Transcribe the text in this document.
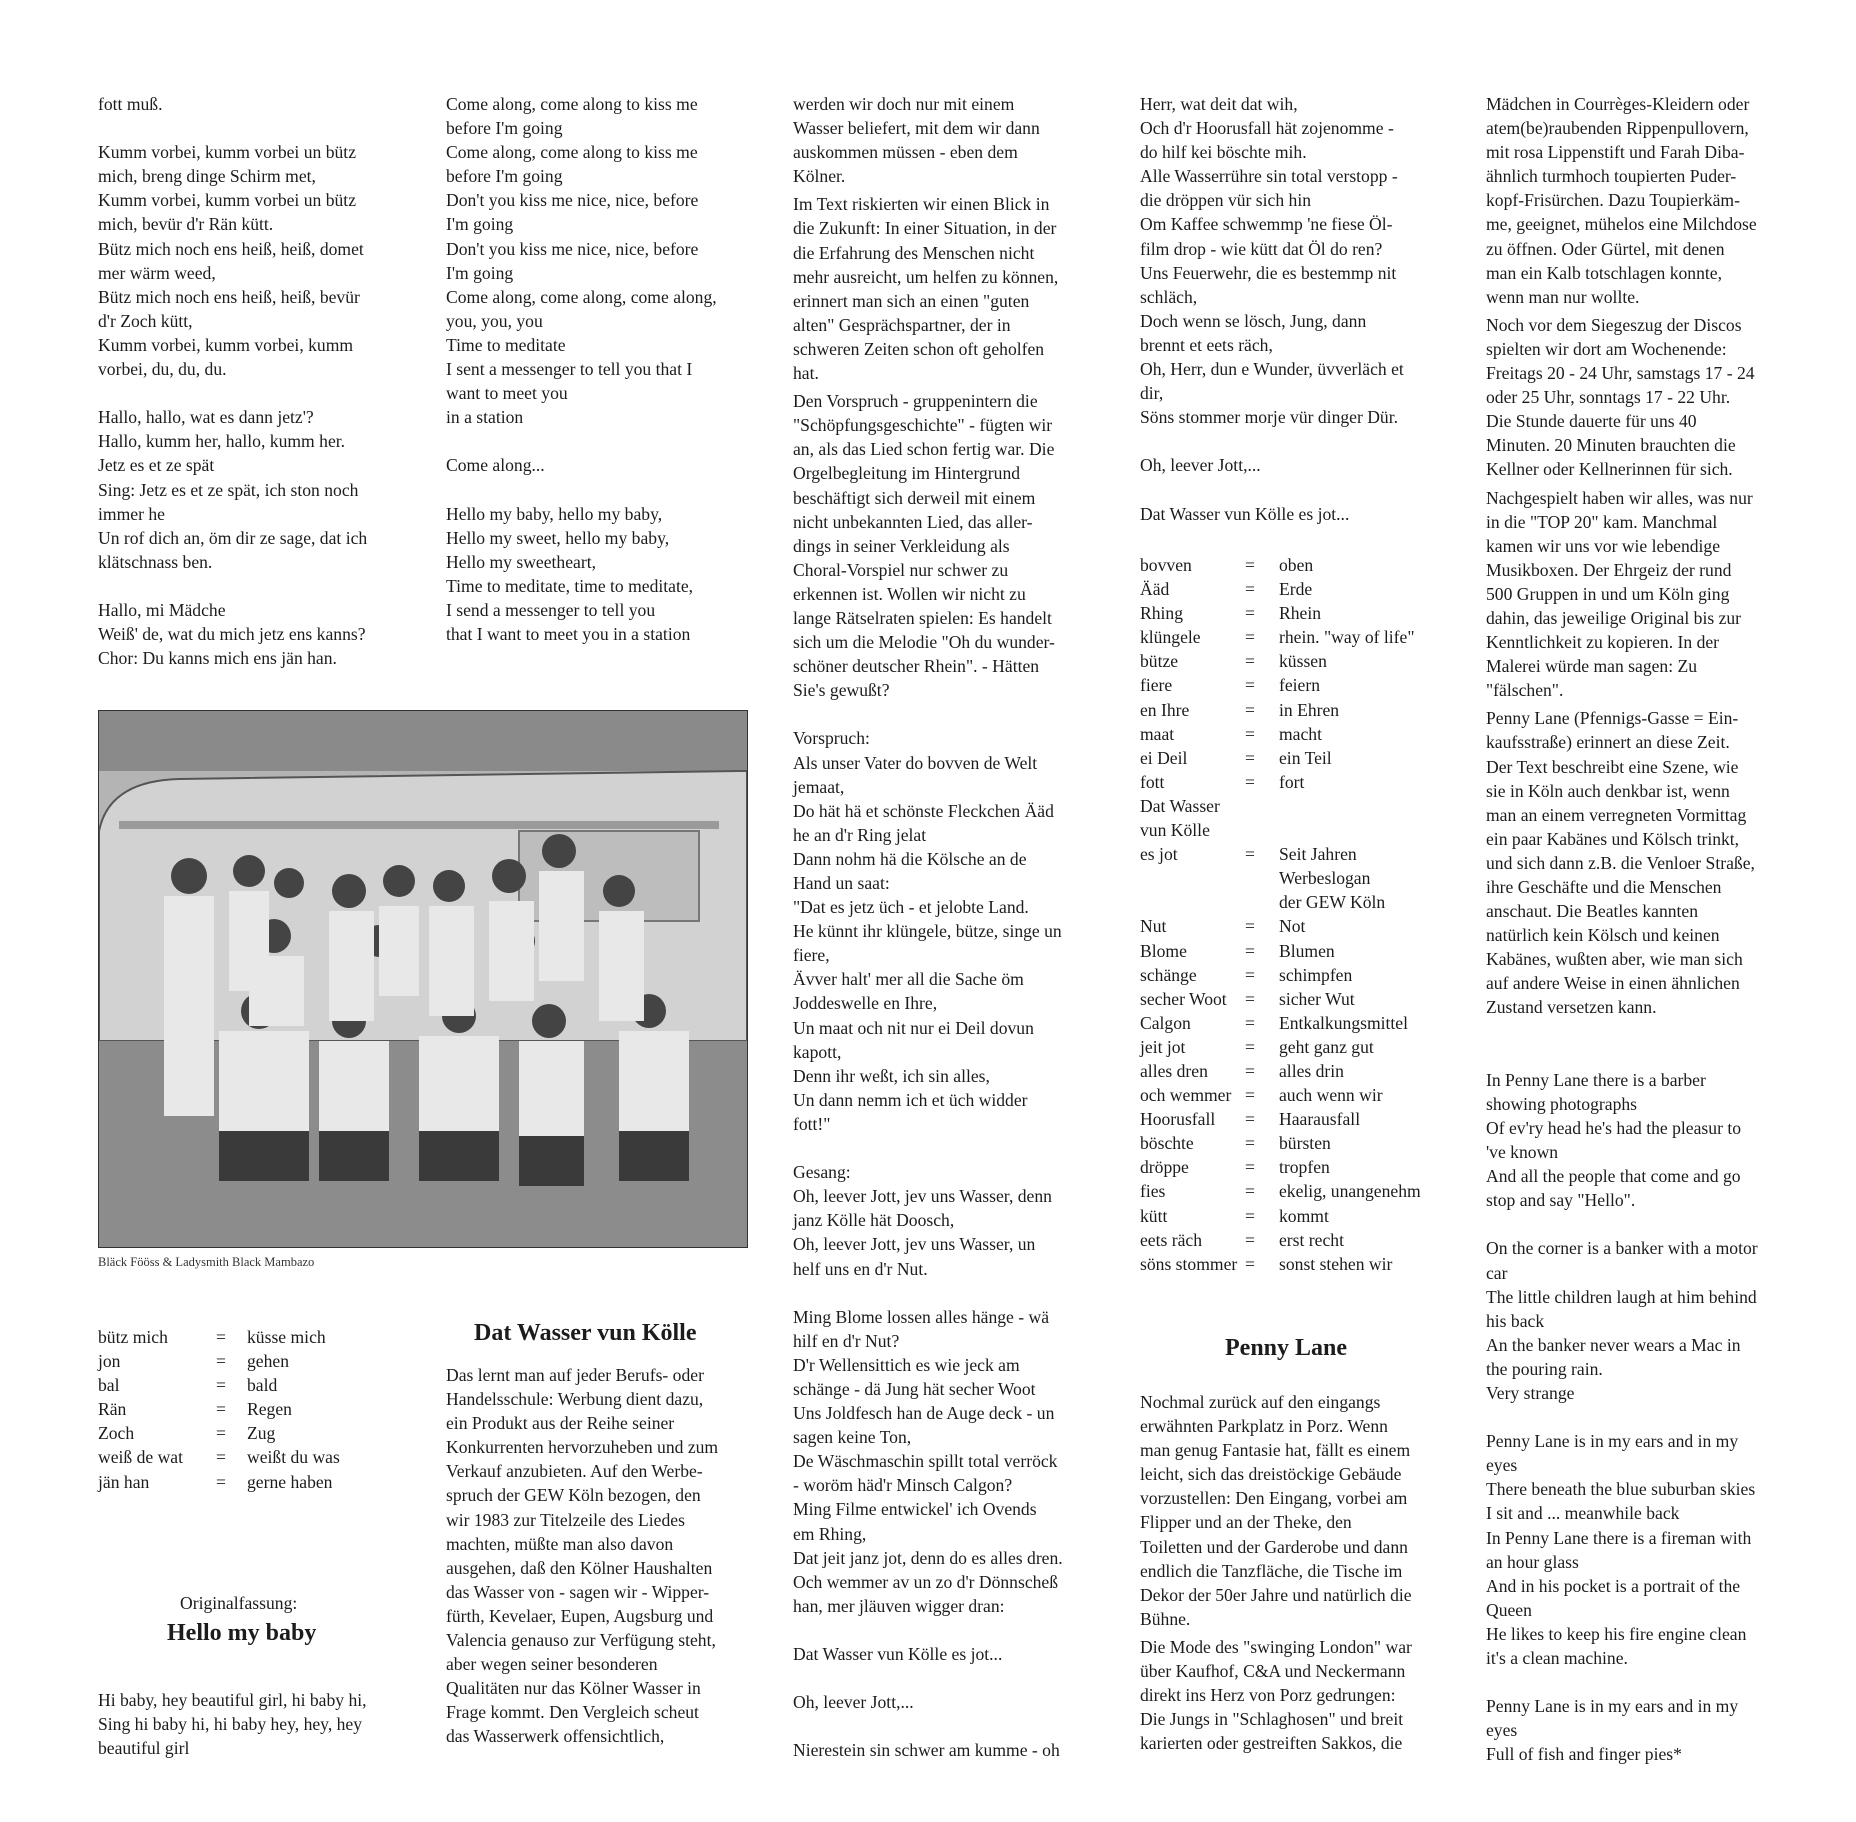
fott muß.
Kumm vorbei, kumm vorbei un bütz
mich, breng dinge Schirm met,
Kumm vorbei, kumm vorbei un bütz
mich, bevür d'r Rän kütt.
Bütz mich noch ens heiß, heiß, domet
mer wärm weed,
Bütz mich noch ens heiß, heiß, bevür
d'r Zoch kütt,
Kumm vorbei, kumm vorbei, kumm
vorbei, du, du, du.
Hallo, hallo, wat es dann jetz'?
Hallo, kumm her, hallo, kumm her.
Jetz es et ze spät
Sing: Jetz es et ze spät, ich ston noch
immer he
Un rof dich an, öm dir ze sage, dat ich
klätschnass ben.
Hallo, mi Mädche
Weiß' de, wat du mich jetz ens kanns?
Chor: Du kanns mich ens jän han.
Bläck Fööss & Ladysmith Black Mambazo
bütz mich	=	küsse mich
jon	=	gehen
bal	=	bald
Rän	=	Regen
Zoch	=	Zug
weiß de wat	=	weißt du was
jän han	=	gerne haben
Originalfassung:
Hello my baby
Hi baby, hey beautiful girl, hi baby hi,
Sing hi baby hi, hi baby hey, hey, hey
beautiful girl
Come along, come along to kiss me
before I'm going
Come along, come along to kiss me
before I'm going
Don't you kiss me nice, nice, before
I'm going
Don't you kiss me nice, nice, before
I'm going
Come along, come along, come along,
you, you, you
Time to meditate
I sent a messenger to tell you that I
want to meet you
in a station
Come along...
Hello my baby, hello my baby,
Hello my sweet, hello my baby,
Hello my sweetheart,
Time to meditate, time to meditate,
I send a messenger to tell you
that I want to meet you in a station
Dat Wasser vun Kölle
Das lernt man auf jeder Berufs- oder
Handelsschule: Werbung dient dazu,
ein Produkt aus der Reihe seiner
Konkurrenten hervorzuheben und zum
Verkauf anzubieten. Auf den Werbe-
spruch der GEW Köln bezogen, den
wir 1983 zur Titelzeile des Liedes
machten, müßte man also davon
ausgehen, daß den Kölner Haushalten
das Wasser von - sagen wir - Wipper-
fürth, Kevelaer, Eupen, Augsburg und
Valencia genauso zur Verfügung steht,
aber wegen seiner besonderen
Qualitäten nur das Kölner Wasser in
Frage kommt. Den Vergleich scheut
das Wasserwerk offensichtlich,
werden wir doch nur mit einem
Wasser beliefert, mit dem wir dann
auskommen müssen - eben dem
Kölner.
Im Text riskierten wir einen Blick in
die Zukunft: In einer Situation, in der
die Erfahrung des Menschen nicht
mehr ausreicht, um helfen zu können,
erinnert man sich an einen "guten
alten" Gesprächspartner, der in
schweren Zeiten schon oft geholfen
hat.
Den Vorspruch - gruppenintern die
"Schöpfungsgeschichte" - fügten wir
an, als das Lied schon fertig war. Die
Orgelbegleitung im Hintergrund
beschäftigt sich derweil mit einem
nicht unbekannten Lied, das aller-
dings in seiner Verkleidung als
Choral-Vorspiel nur schwer zu
erkennen ist. Wollen wir nicht zu
lange Rätselraten spielen: Es handelt
sich um die Melodie "Oh du wunder-
schöner deutscher Rhein". - Hätten
Sie's gewußt?
Vorspruch:
Als unser Vater do bovven de Welt
jemaat,
Do hät hä et schönste Fleckchen Ääd
he an d'r Ring jelat
Dann nohm hä die Kölsche an de
Hand un saat:
"Dat es jetz üch - et jelobte Land.
He künnt ihr klüngele, bütze, singe un
fiere,
Ävver halt' mer all die Sache öm
Joddeswelle en Ihre,
Un maat och nit nur ei Deil dovun
kapott,
Denn ihr weßt, ich sin alles,
Un dann nemm ich et üch widder
fott!"
Gesang:
Oh, leever Jott, jev uns Wasser, denn
janz Kölle hät Doosch,
Oh, leever Jott, jev uns Wasser, un
helf uns en d'r Nut.
Ming Blome lossen alles hänge - wä
hilf en d'r Nut?
D'r Wellensittich es wie jeck am
schänge - dä Jung hät secher Woot
Uns Joldfesch han de Auge deck - un
sagen keine Ton,
De Wäschmaschin spillt total verröck
- woröm häd'r Minsch Calgon?
Ming Filme entwickel' ich Ovends
em Rhing,
Dat jeit janz jot, denn do es alles dren.
Och wemmer av un zo d'r Dönnscheß
han, mer jläuven wigger dran:
Dat Wasser vun Kölle es jot...
Oh, leever Jott,...
Nierestein sin schwer am kumme - oh
Herr, wat deit dat wih,
Och d'r Hoorusfall hät zojenomme -
do hilf kei böschte mih.
Alle Wasserrühre sin total verstopp -
die dröppen vür sich hin
Om Kaffee schwemmp 'ne fiese Öl-
film drop - wie kütt dat Öl do ren?
Uns Feuerwehr, die es bestemmp nit
schläch,
Doch wenn se lösch, Jung, dann
brennt et eets räch,
Oh, Herr, dun e Wunder, üvverläch et
dir,
Söns stommer morje vür dinger Dür.
Oh, leever Jott,...
Dat Wasser vun Kölle es jot...
bovven	=	oben
Ääd	=	Erde
Rhing	=	Rhein
klüngele	=	rhein. "way of life"
bütze	=	küssen
fiere	=	feiern
en Ihre	=	in Ehren
maat	=	macht
ei Deil	=	ein Teil
fott	=	fort
Dat Wasser		
vun Kölle		
es jot	=	Seit Jahren
		Werbeslogan
		der GEW Köln
Nut	=	Not
Blome	=	Blumen
schänge	=	schimpfen
secher Woot	=	sicher Wut
Calgon	=	Entkalkungsmittel
jeit jot	=	geht ganz gut
alles dren	=	alles drin
och wemmer	=	auch wenn wir
Hoorusfall	=	Haarausfall
böschte	=	bürsten
dröppe	=	tropfen
fies	=	ekelig, unangenehm
kütt	=	kommt
eets räch	=	erst recht
söns stommer	=	sonst stehen wir
Penny Lane
Nochmal zurück auf den eingangs
erwähnten Parkplatz in Porz. Wenn
man genug Fantasie hat, fällt es einem
leicht, sich das dreistöckige Gebäude
vorzustellen: Den Eingang, vorbei am
Flipper und an der Theke, den
Toiletten und der Garderobe und dann
endlich die Tanzfläche, die Tische im
Dekor der 50er Jahre und natürlich die
Bühne.
Die Mode des "swinging London" war
über Kaufhof, C&A und Neckermann
direkt ins Herz von Porz gedrungen:
Die Jungs in "Schlaghosen" und breit
karierten oder gestreiften Sakkos, die
Mädchen in Courrèges-Kleidern oder
atem(be)raubenden Rippenpullovern,
mit rosa Lippenstift und Farah Diba-
ähnlich turmhoch toupierten Puder-
kopf-Frisürchen. Dazu Toupierkäm-
me, geeignet, mühelos eine Milchdose
zu öffnen. Oder Gürtel, mit denen
man ein Kalb totschlagen konnte,
wenn man nur wollte.
Noch vor dem Siegeszug der Discos
spielten wir dort am Wochenende:
Freitags 20 - 24 Uhr, samstags 17 - 24
oder 25 Uhr, sonntags 17 - 22 Uhr.
Die Stunde dauerte für uns 40
Minuten. 20 Minuten brauchten die
Kellner oder Kellnerinnen für sich.
Nachgespielt haben wir alles, was nur
in die "TOP 20" kam. Manchmal
kamen wir uns vor wie lebendige
Musikboxen. Der Ehrgeiz der rund
500 Gruppen in und um Köln ging
dahin, das jeweilige Original bis zur
Kenntlichkeit zu kopieren. In der
Malerei würde man sagen: Zu
"fälschen".
Penny Lane (Pfennigs-Gasse = Ein-
kaufsstraße) erinnert an diese Zeit.
Der Text beschreibt eine Szene, wie
sie in Köln auch denkbar ist, wenn
man an einem verregneten Vormittag
ein paar Kabänes und Kölsch trinkt,
und sich dann z.B. die Venloer Straße,
ihre Geschäfte und die Menschen
anschaut. Die Beatles kannten
natürlich kein Kölsch und keinen
Kabänes, wußten aber, wie man sich
auf andere Weise in einen ähnlichen
Zustand versetzen kann.
In Penny Lane there is a barber
showing photographs
Of ev'ry head he's had the pleasur to
've known
And all the people that come and go
stop and say "Hello".
On the corner is a banker with a motor
car
The little children laugh at him behind
his back
An the banker never wears a Mac in
the pouring rain.
Very strange
Penny Lane is in my ears and in my
eyes
There beneath the blue suburban skies
I sit and ... meanwhile back
In Penny Lane there is a fireman with
an hour glass
And in his pocket is a portrait of the
Queen
He likes to keep his fire engine clean
it's a clean machine.
Penny Lane is in my ears and in my
eyes
Full of fish and finger pies*
